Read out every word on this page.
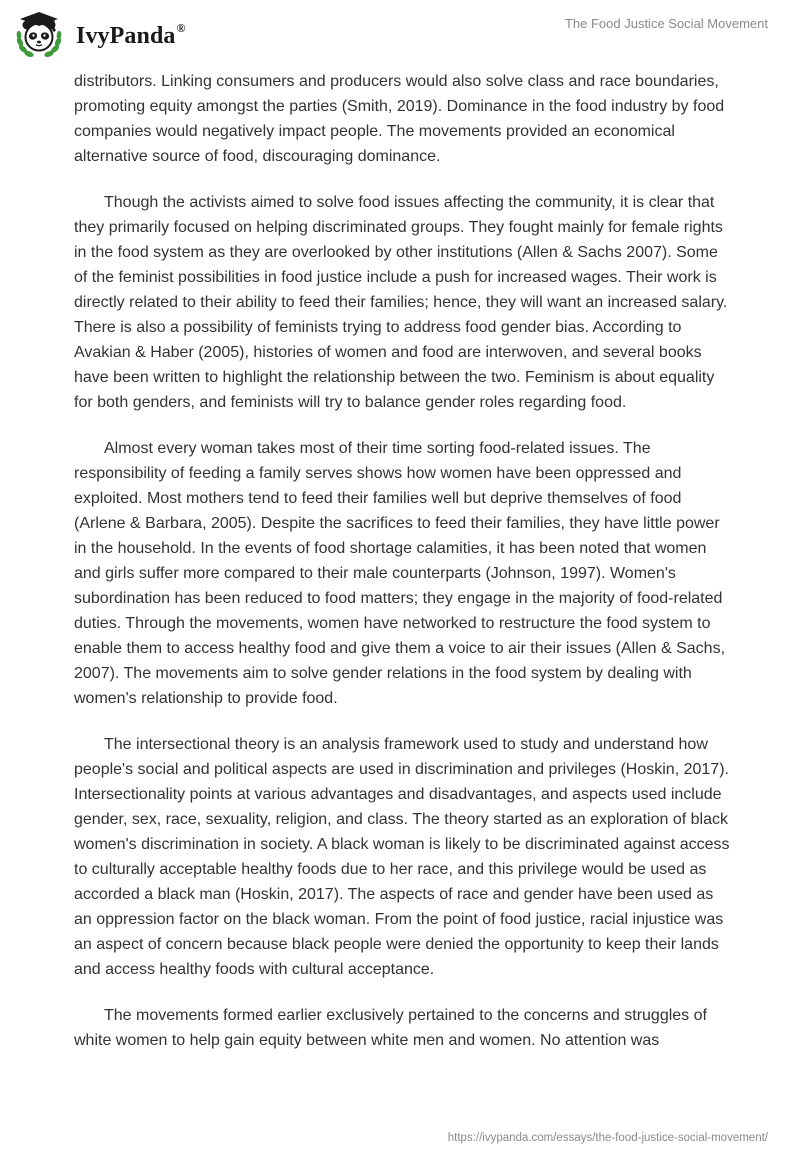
IvyPanda®	The Food Justice Social Movement

distributors. Linking consumers and producers would also solve class and race boundaries, promoting equity amongst the parties (Smith, 2019). Dominance in the food industry by food companies would negatively impact people. The movements provided an economical alternative source of food, discouraging dominance.

Though the activists aimed to solve food issues affecting the community, it is clear that they primarily focused on helping discriminated groups. They fought mainly for female rights in the food system as they are overlooked by other institutions (Allen & Sachs 2007). Some of the feminist possibilities in food justice include a push for increased wages. Their work is directly related to their ability to feed their families; hence, they will want an increased salary. There is also a possibility of feminists trying to address food gender bias. According to Avakian & Haber (2005), histories of women and food are interwoven, and several books have been written to highlight the relationship between the two. Feminism is about equality for both genders, and feminists will try to balance gender roles regarding food.

Almost every woman takes most of their time sorting food-related issues. The responsibility of feeding a family serves shows how women have been oppressed and exploited. Most mothers tend to feed their families well but deprive themselves of food (Arlene & Barbara, 2005). Despite the sacrifices to feed their families, they have little power in the household. In the events of food shortage calamities, it has been noted that women and girls suffer more compared to their male counterparts (Johnson, 1997). Women's subordination has been reduced to food matters; they engage in the majority of food-related duties. Through the movements, women have networked to restructure the food system to enable them to access healthy food and give them a voice to air their issues (Allen & Sachs, 2007). The movements aim to solve gender relations in the food system by dealing with women's relationship to provide food.

The intersectional theory is an analysis framework used to study and understand how people's social and political aspects are used in discrimination and privileges (Hoskin, 2017). Intersectionality points at various advantages and disadvantages, and aspects used include gender, sex, race, sexuality, religion, and class. The theory started as an exploration of black women's discrimination in society. A black woman is likely to be discriminated against access to culturally acceptable healthy foods due to her race, and this privilege would be used as accorded a black man (Hoskin, 2017). The aspects of race and gender have been used as an oppression factor on the black woman. From the point of food justice, racial injustice was an aspect of concern because black people were denied the opportunity to keep their lands and access healthy foods with cultural acceptance.

The movements formed earlier exclusively pertained to the concerns and struggles of white women to help gain equity between white men and women. No attention was

https://ivypanda.com/essays/the-food-justice-social-movement/
